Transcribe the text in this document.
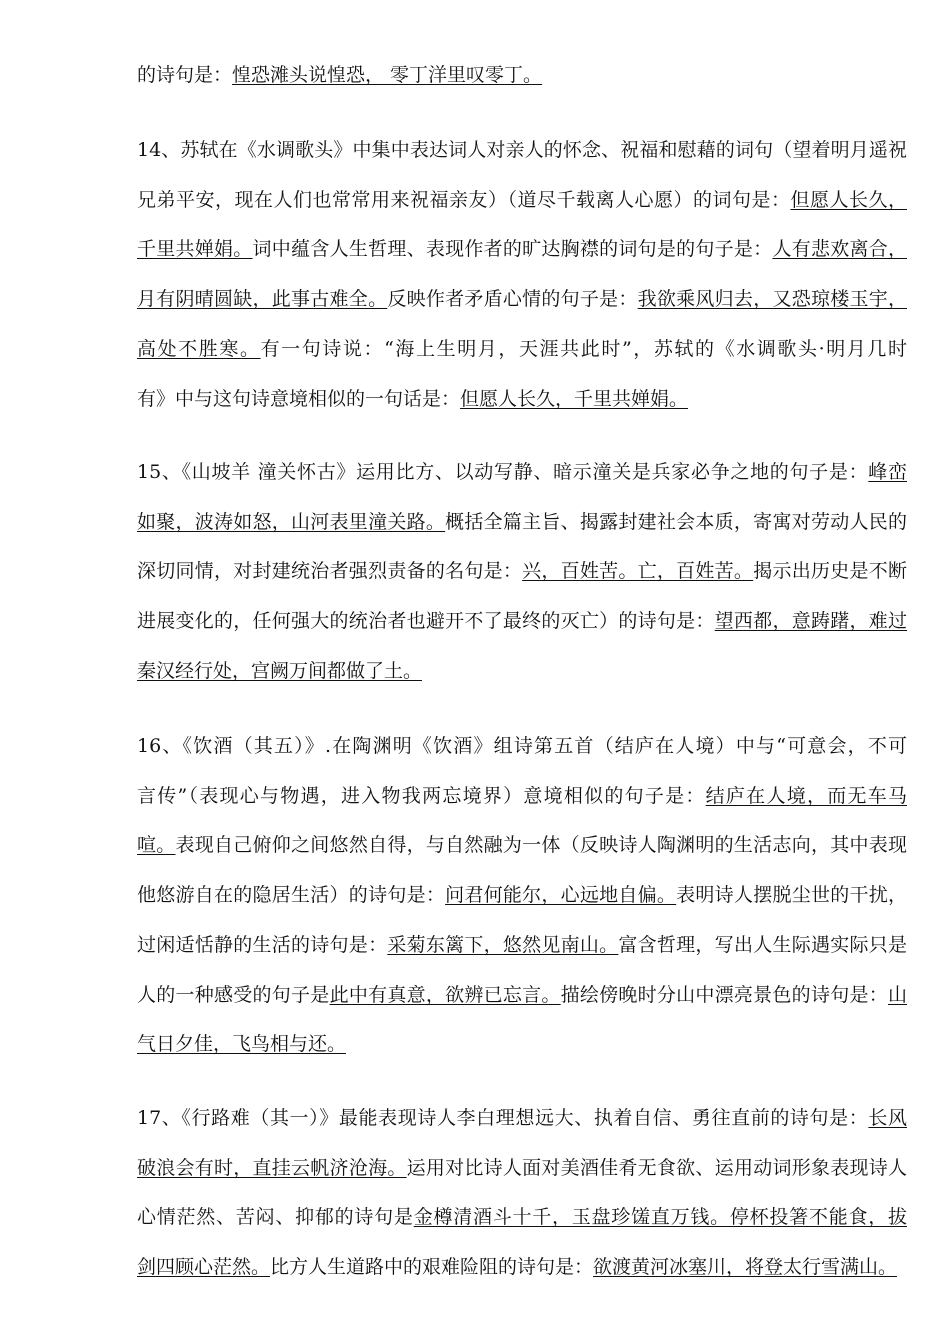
的诗句是：惶恐滩头说惶恐， 零丁洋里叹零丁。
14、苏轼在《水调歌头》中集中表达词人对亲人的怀念、祝福和慰藉的词句（望着明月遥祝
兄弟平安，现在人们也常常用来祝福亲友）（道尽千载离人心愿）的词句是：但愿人长久，
千里共婵娟。词中蕴含人生哲理、表现作者的旷达胸襟的词句是的句子是：人有悲欢离合，
月有阴晴圆缺，此事古难全。反映作者矛盾心情的句子是：我欲乘风归去，又恐琼楼玉宇，
高处不胜寒。有一句诗说：“海上生明月，天涯共此时”，苏轼的《水调歌头·明月几时
有》中与这句诗意境相似的一句话是：但愿人长久，千里共婵娟。
15、《山坡羊 潼关怀古》运用比方、以动写静、暗示潼关是兵家必争之地的句子是：峰峦
如聚，波涛如怒，山河表里潼关路。概括全篇主旨、揭露封建社会本质，寄寓对劳动人民的
深切同情，对封建统治者强烈责备的名句是：兴，百姓苦。亡，百姓苦。揭示出历史是不断
进展变化的，任何强大的统治者也避开不了最终的灭亡）的诗句是：望西都，意踌躇，难过
秦汉经行处，宫阙万间都做了土。
16、《饮酒（其五）》.在陶渊明《饮酒》组诗第五首（结庐在人境）中与“可意会，不可
言传”（表现心与物遇，进入物我两忘境界）意境相似的句子是：结庐在人境，而无车马
喧。表现自己俯仰之间悠然自得，与自然融为一体（反映诗人陶渊明的生活志向，其中表现
他悠游自在的隐居生活）的诗句是：问君何能尔，心远地自偏。表明诗人摆脱尘世的干扰，
过闲适恬静的生活的诗句是：采菊东篱下，悠然见南山。富含哲理，写出人生际遇实际只是
人的一种感受的句子是此中有真意，欲辨已忘言。描绘傍晚时分山中漂亮景色的诗句是：山
气日夕佳，飞鸟相与还。
17、《行路难（其一）》最能表现诗人李白理想远大、执着自信、勇往直前的诗句是：长风
破浪会有时，直挂云帆济沧海。运用对比诗人面对美酒佳肴无食欲、运用动词形象表现诗人
心情茫然、苦闷、抑郁的诗句是金樽清酒斗十千，玉盘珍馐直万钱。停杯投箸不能食，拔
剑四顾心茫然。比方人生道路中的艰难险阻的诗句是：欲渡黄河冰塞川，将登太行雪满山。
